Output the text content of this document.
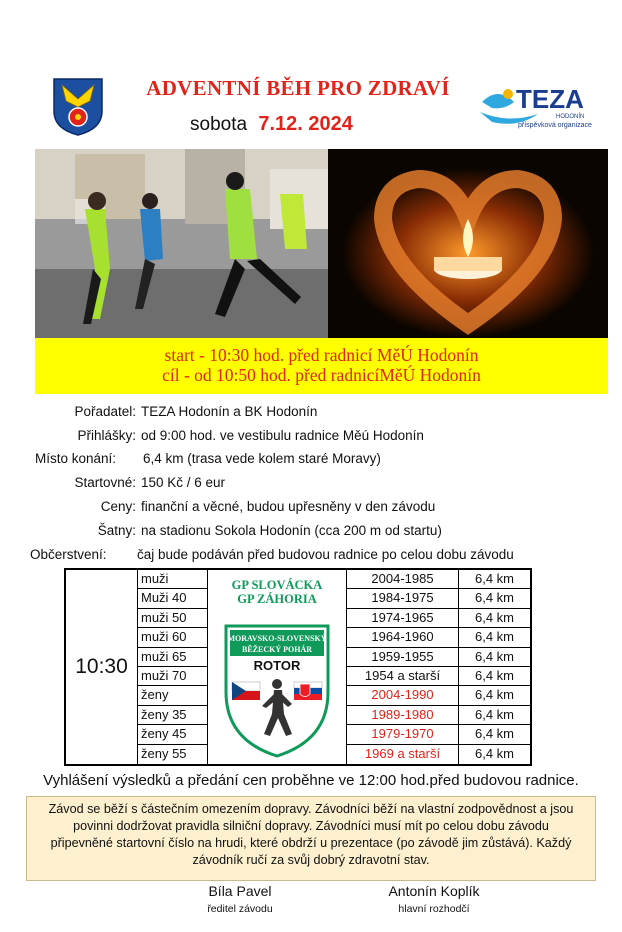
ADVENTNÍ BĚH PRO ZDRAVÍ
sobota 7.12. 2024
TEZA
HODONÍN
příspěvková organizace
start - 10:30 hod. před radnicí MěÚ Hodonín
cíl - od 10:50 hod. před radnicíMěÚ Hodonín
Pořadatel: TEZA Hodonín a BK Hodonín
Přihlášky: od 9:00 hod. ve vestibulu radnice Měú Hodonín
Místo konání: 6,4 km (trasa vede kolem staré Moravy)
Startovné: 150 Kč / 6 eur
Ceny: finanční a věcné, budou upřesněny v den závodu
Šatny: na stadionu Sokola Hodonín (cca 200 m od startu)
Občerstvení: čaj bude podáván před budovou radnice po celou dobu závodu
10:30
muži
Muži 40
muži 50
muži 60
muži 65
muži 70
ženy
ženy 35
ženy 45
ženy 55
GP SLOVÁCKA
GP ZÁHORIA
MORAVSKO-SLOVENSKÝ
BĚŽECKÝ POHÁR
ROTOR
2004-1985
1984-1975
1974-1965
1964-1960
1959-1955
1954 a starší
2004-1990
1989-1980
1979-1970
1969 a starší
6,4 km
6,4 km
6,4 km
6,4 km
6,4 km
6,4 km
6,4 km
6,4 km
6,4 km
6,4 km
Vyhlášení výsledků a předání cen proběhne ve 12:00 hod.před budovou radnice.
Závod se běží s částečním omezením dopravy. Závodníci běží na vlastní zodpovědnost a jsou
povinni dodržovat pravidla silniční dopravy. Závodníci musí mít po celou dobu závodu
připevněné startovní číslo na hrudi, které obdrží u prezentace (po závodě jim zůstává). Každý
závodník ručí za svůj dobrý zdravotní stav.
Bíla Pavel
ředitel závodu
Antonín Koplík
hlavní rozhodčí
